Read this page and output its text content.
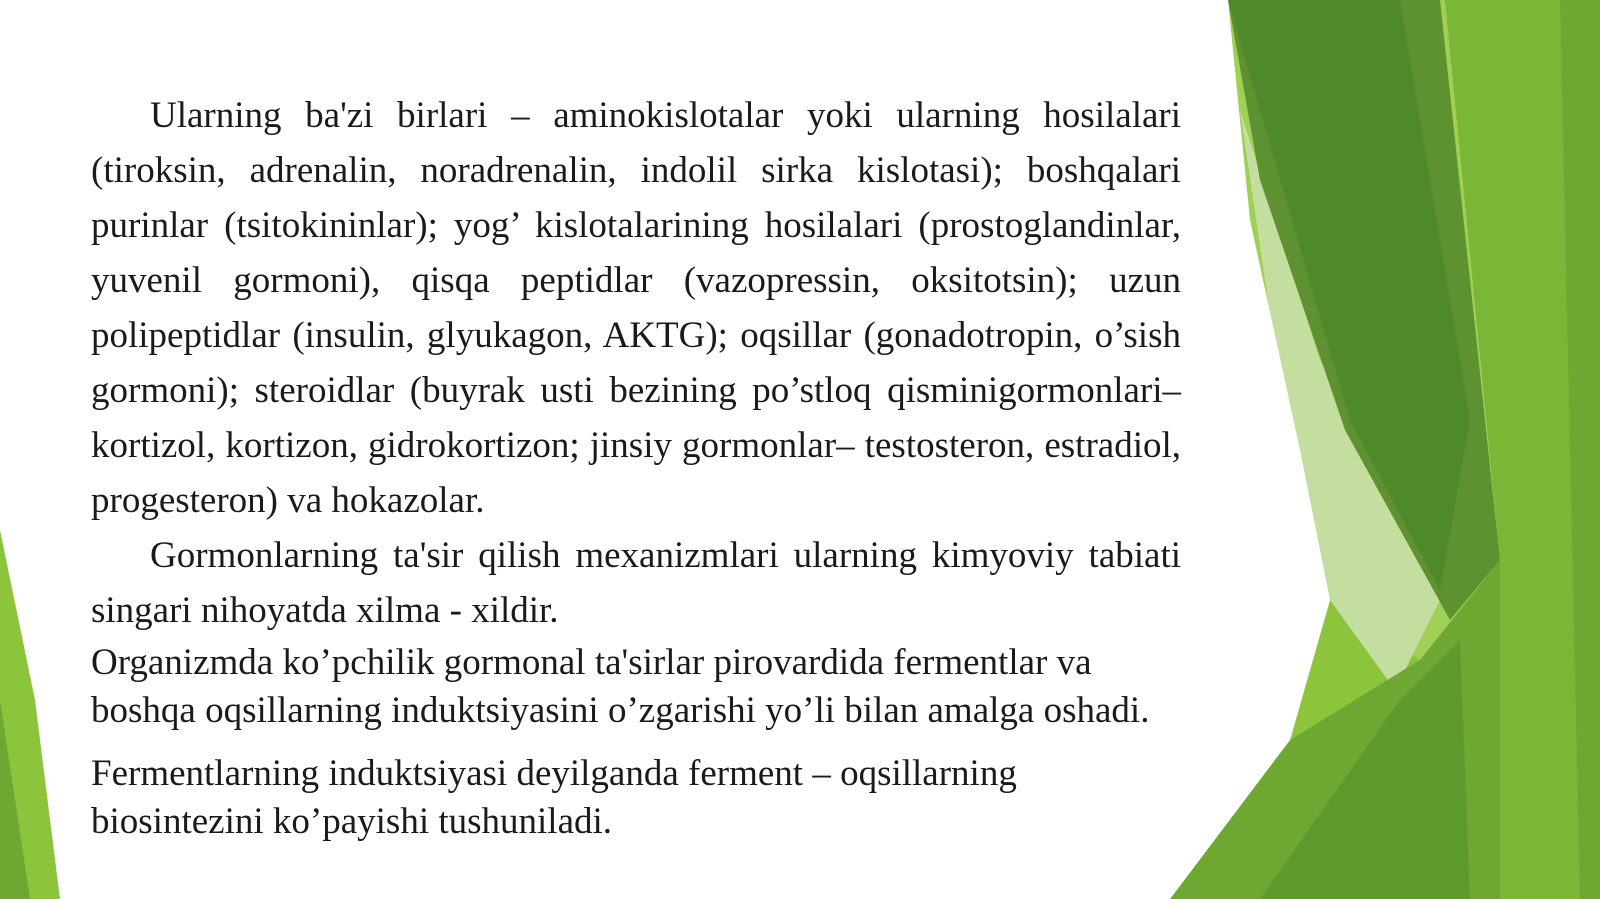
Ularning ba'zi birlari – aminokislotalar yoki ularning hosilalari (tiroksin, adrenalin, noradrenalin, indolil sirka kislotasi); boshqalari purinlar (tsitokininlar); yog’ kislotalarining hosilalari (prostoglandinlar, yuvenil gormoni), qisqa peptidlar (vazopressin, oksitotsin); uzun polipeptidlar (insulin, glyukagon, AKTG); oqsillar (gonadotropin, o’sish gormoni); steroidlar (buyrak usti bezining po’stloq qisminigormonlari–kortizol, kortizon, gidrokortizon; jinsiy gormonlar– testosteron, estradiol, progesteron) va hokazolar.

Gormonlarning ta'sir qilish mexanizmlari ularning kimyoviy tabiati singari nihoyatda xilma - xildir.

Organizmda ko’pchilik gormonal ta'sirlar pirovardida fermentlar va boshqa oqsillarning induktsiyasini o’zgarishi yo’li bilan amalga oshadi.

Fermentlarning induktsiyasi deyilganda ferment – oqsillarning biosintezini ko’payishi tushuniladi.
